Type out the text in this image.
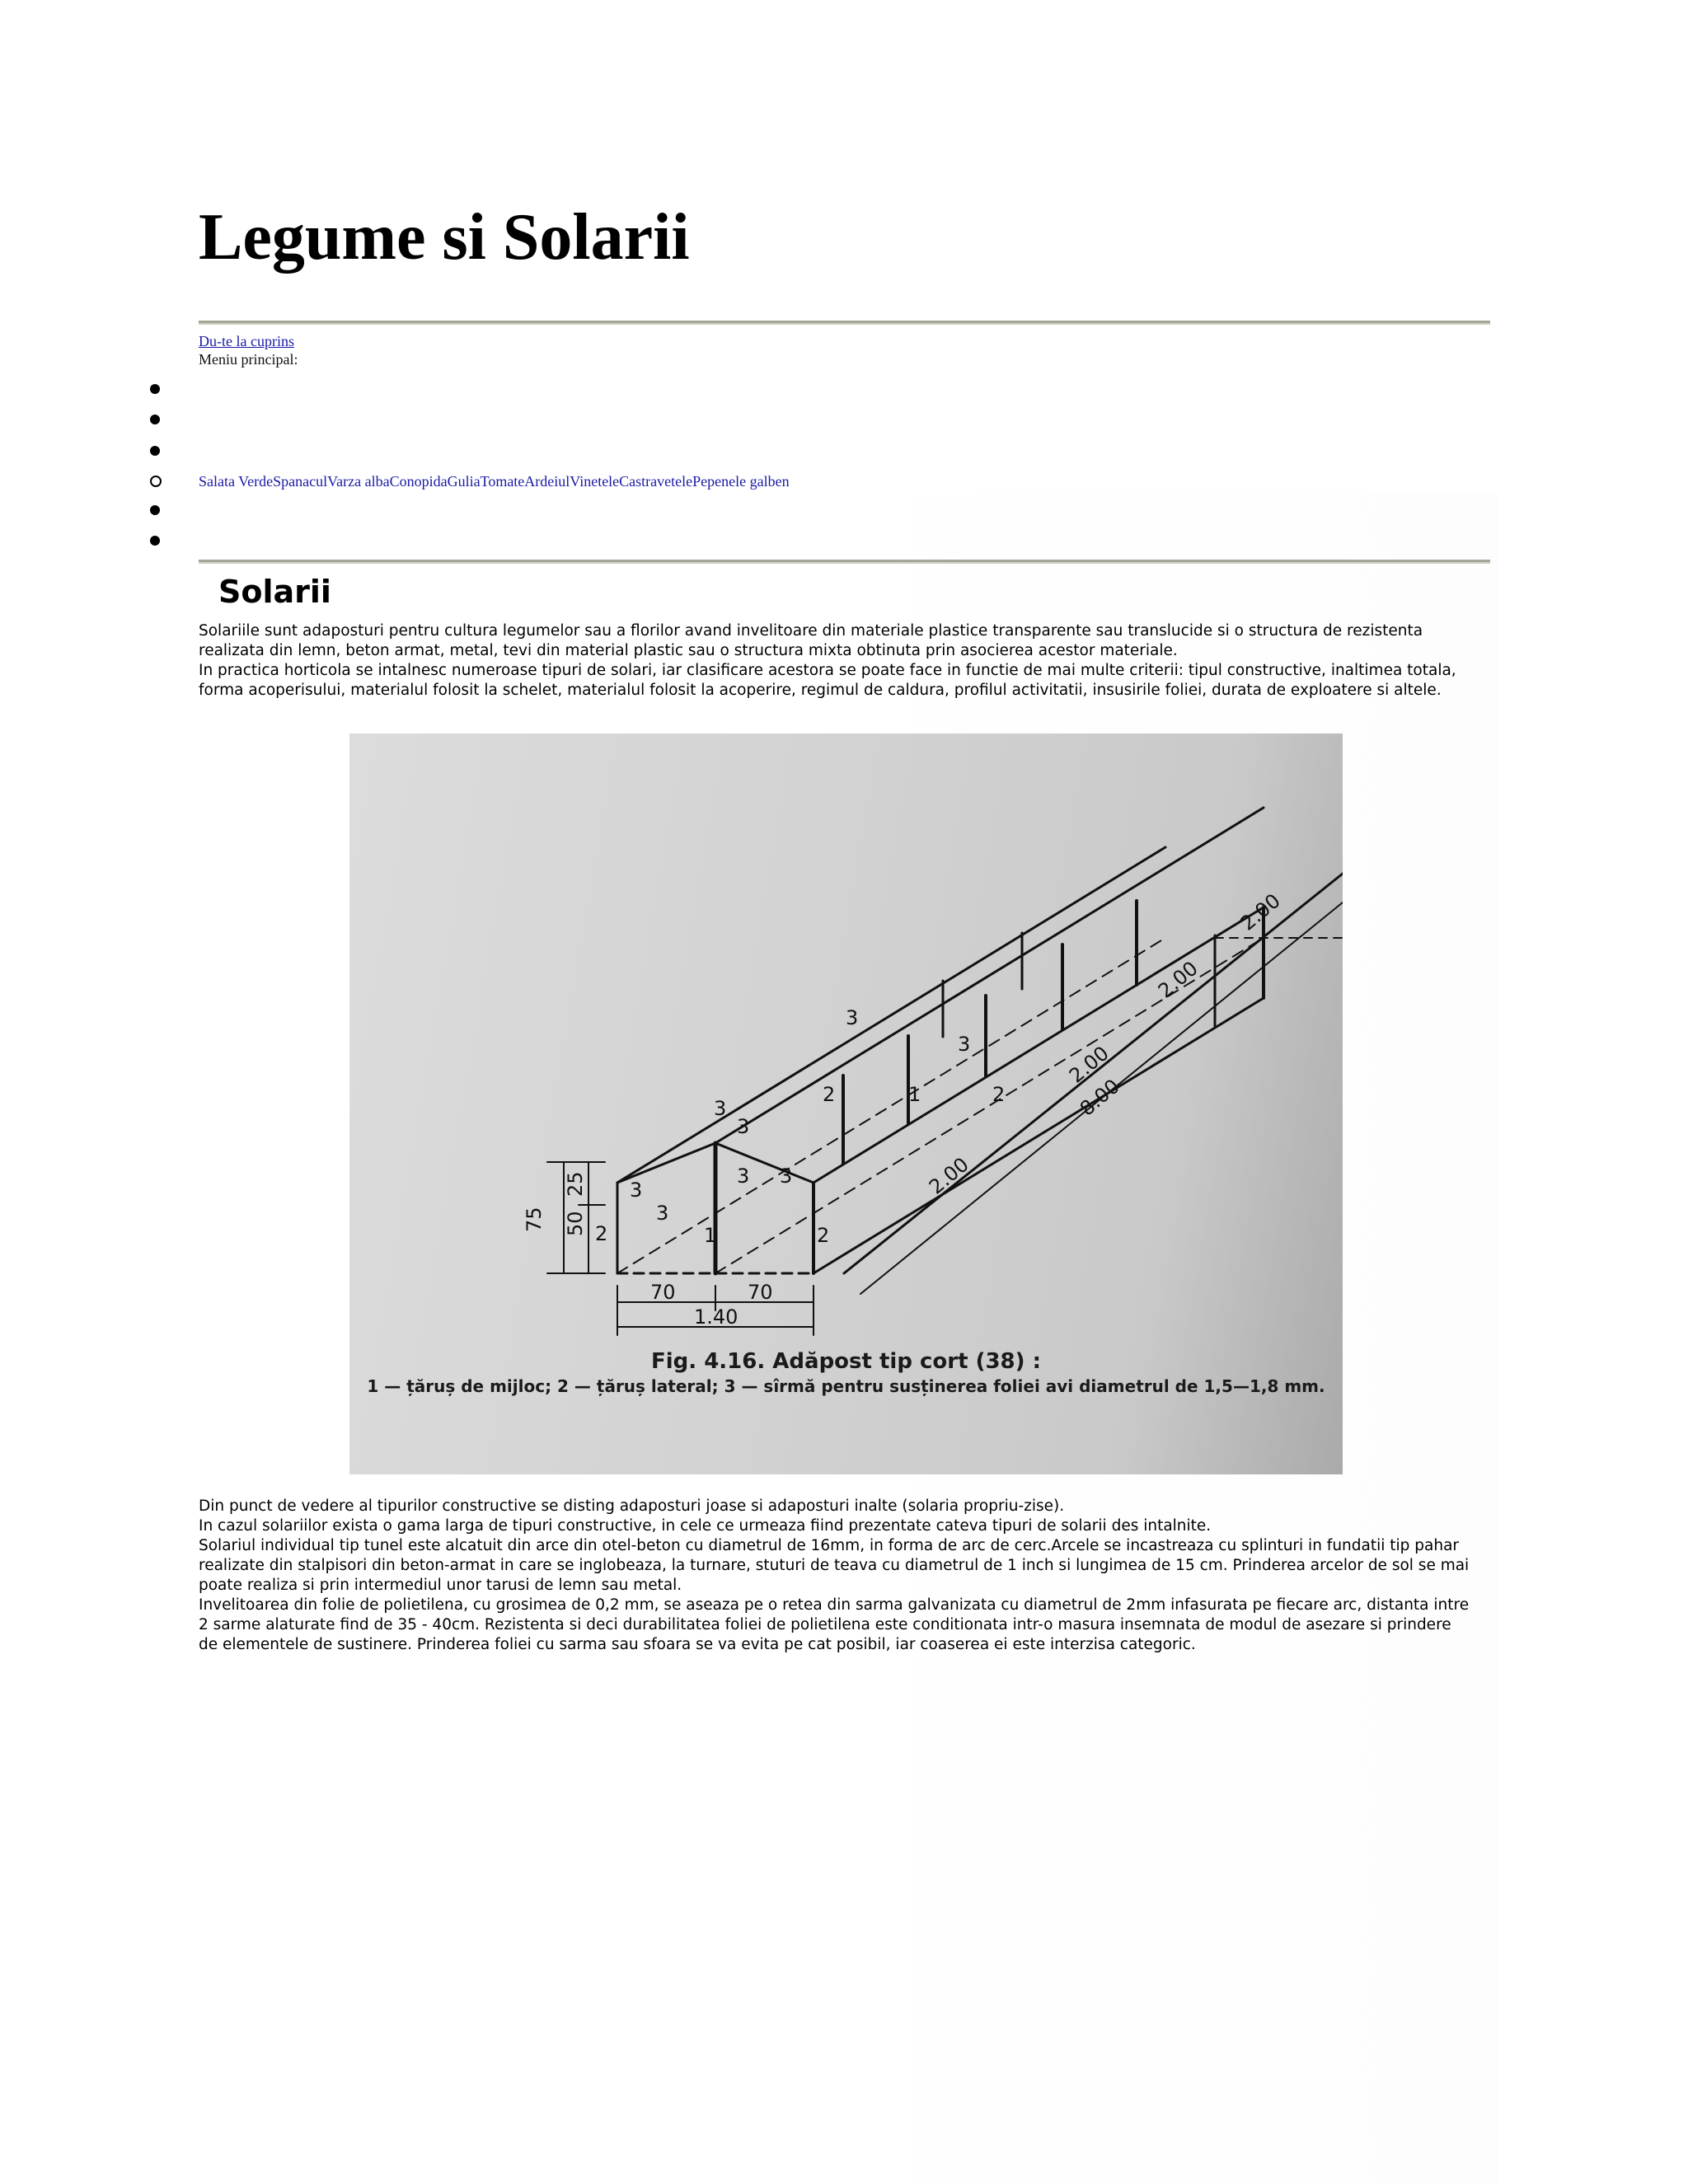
Legume si Solarii
Du-te la cuprins
Meniu principal:
Salata VerdeSpanaculVarza albaConopidaGuliaTomateArdeiulVineteleCastravetelePepenele galben
Solarii

Solariile sunt adaposturi pentru cultura legumelor sau a florilor avand invelitoare din materiale plastice transparente sau translucide si o structura de rezistenta realizata din lemn, beton armat, metal, tevi din material plastic sau o structura mixta obtinuta prin asocierea acestor materiale.

In practica horticola se intalnesc numeroase tipuri de solari, iar clasificare acestora se poate face in functie de mai multe criterii: tipul constructive, inaltimea totala, forma acoperisului, materialul folosit la schelet, materialul folosit la acoperire, regimul de caldura, profilul activitatii, insusirile foliei, durata de exploatere si altele.

2	1	2
3
3
3 3
3
3
3
2	1	2
3
75 50
25
70	70
1.40
2.00
2.00
2.00
2.00
8.00
Fig. 4.16. Adăpost tip cort (38) :
1 — țăruș de mijloc; 2 — țăruș lateral; 3 — sîrmă pentru susținerea foliei avi diametrul de 1,5—1,8 mm.

Din punct de vedere al tipurilor constructive se disting adaposturi joase si adaposturi inalte (solaria propriu-zise).

In cazul solariilor exista o gama larga de tipuri constructive, in cele ce urmeaza fiind prezentate cateva tipuri de solarii des intalnite.

Solariul individual tip tunel este alcatuit din arce din otel-beton cu diametrul de 16mm, in forma de arc de cerc.Arcele se incastreaza cu splinturi in fundatii tip pahar realizate din stalpisori din beton-armat in care se inglobeaza, la turnare, stuturi de teava cu diametrul de 1 inch si lungimea de 15 cm. Prinderea arcelor de sol se mai poate realiza si prin intermediul unor tarusi de lemn sau metal.

Invelitoarea din folie de polietilena, cu grosimea de 0,2 mm, se aseaza pe o retea din sarma galvanizata cu diametrul de 2mm infasurata pe fiecare arc, distanta intre 2 sarme alaturate find de 35 - 40cm. Rezistenta si deci durabilitatea foliei de polietilena este conditionata intr-o masura insemnata de modul de asezare si prindere de elementele de sustinere. Prinderea foliei cu sarma sau sfoara se va evita pe cat posibil, iar coaserea ei este interzisa categoric.
